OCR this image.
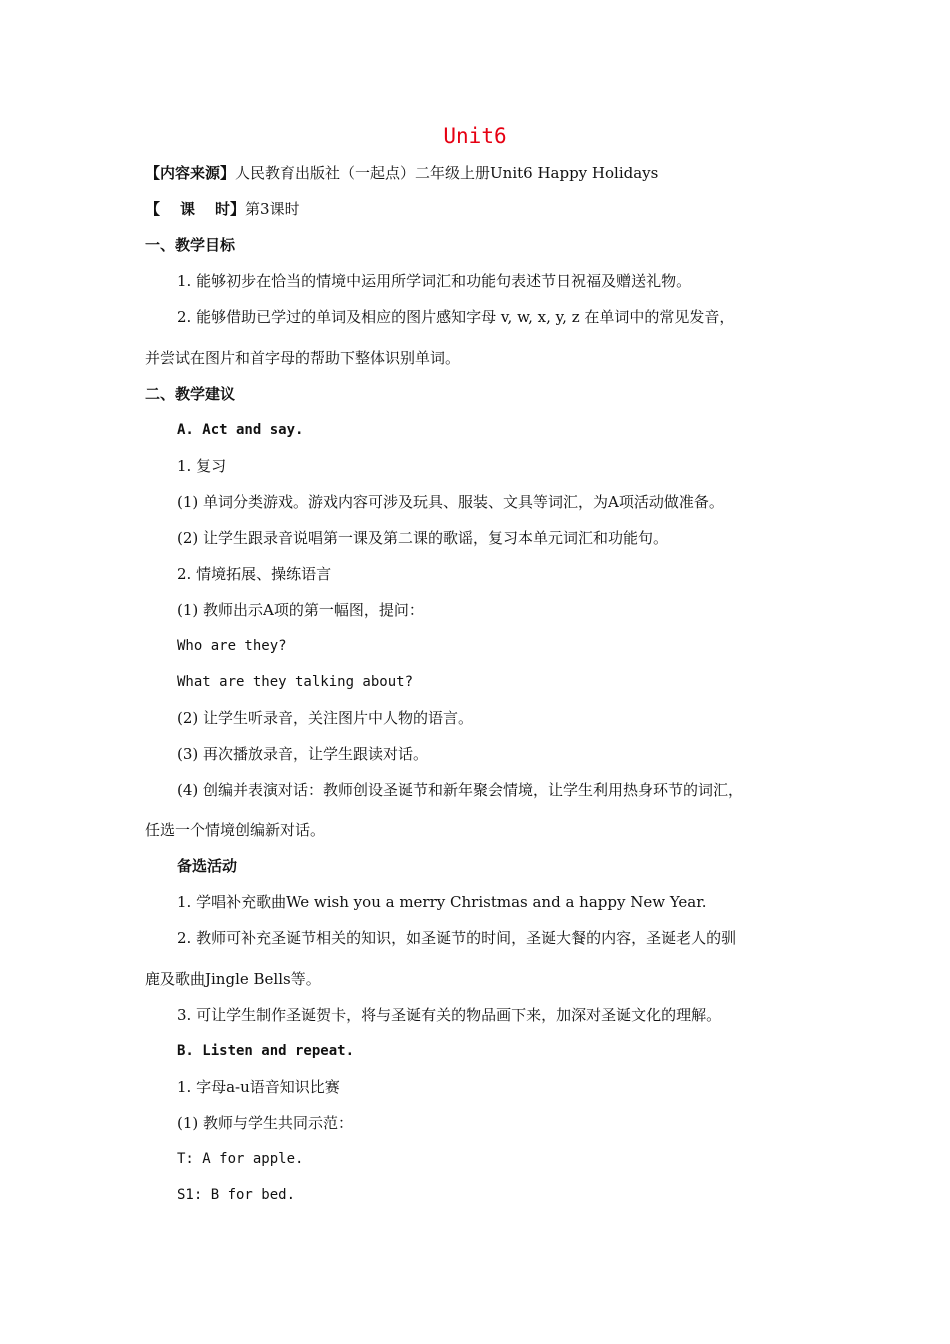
Unit6
【内容来源】人民教育出版社（一起点）二年级上册Unit6 Happy Holidays
【课时】第3课时
一、教学目标
1. 能够初步在恰当的情境中运用所学词汇和功能句表述节日祝福及赠送礼物。
2. 能够借助已学过的单词及相应的图片感知字母 v, w, x, y, z 在单词中的常见发音，
并尝试在图片和首字母的帮助下整体识别单词。
二、教学建议
A. Act and say.
1. 复习
(1) 单词分类游戏。游戏内容可涉及玩具、服装、文具等词汇，为A项活动做准备。
(2) 让学生跟录音说唱第一课及第二课的歌谣，复习本单元词汇和功能句。
2. 情境拓展、操练语言
(1) 教师出示A项的第一幅图，提问：
Who are they?
What are they talking about?
(2) 让学生听录音，关注图片中人物的语言。
(3) 再次播放录音，让学生跟读对话。
(4) 创编并表演对话：教师创设圣诞节和新年聚会情境，让学生利用热身环节的词汇，
任选一个情境创编新对话。
备选活动
1. 学唱补充歌曲We wish you a merry Christmas and a happy New Year.
2. 教师可补充圣诞节相关的知识，如圣诞节的时间，圣诞大餐的内容，圣诞老人的驯
鹿及歌曲Jingle Bells等。
3. 可让学生制作圣诞贺卡，将与圣诞有关的物品画下来，加深对圣诞文化的理解。
B. Listen and repeat.
1. 字母a-u语音知识比赛
(1) 教师与学生共同示范：
T: A for apple.
S1: B for bed.
